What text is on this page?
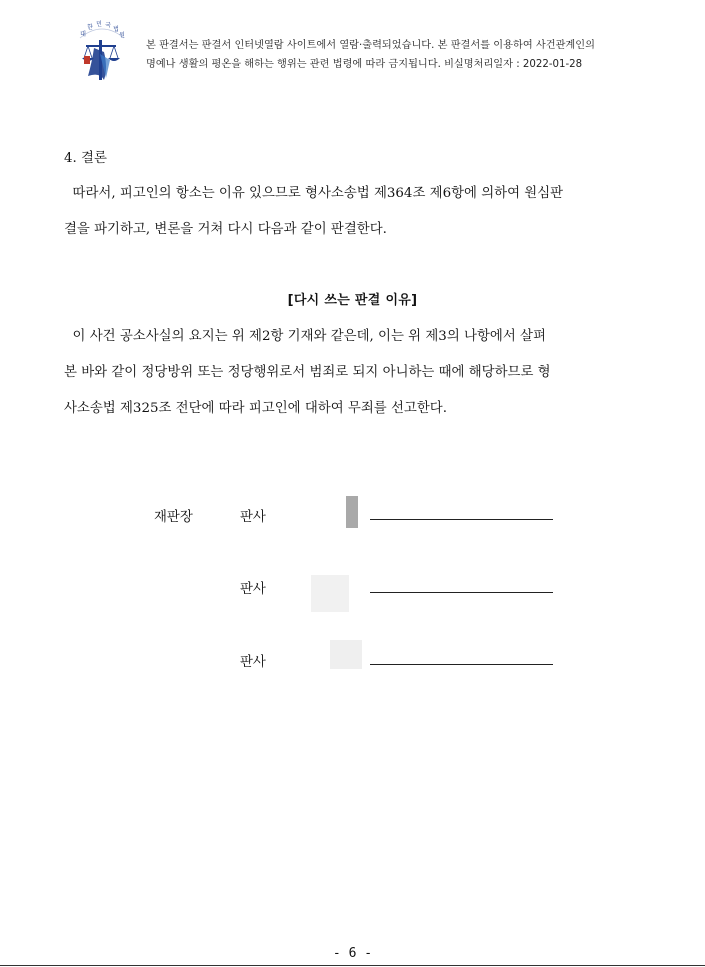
대한 민 국법원
본 판결서는 판결서 인터넷열람 사이트에서 열람·출력되었습니다. 본 판결서를 이용하여 사건관계인의
명예나 생활의 평온을 해하는 행위는 관련 법령에 따라 금지됩니다. 비실명처리일자 : 2022-01-28
4. 결론
따라서, 피고인의 항소는 이유 있으므로 형사소송법 제364조 제6항에 의하여 원심판
결을 파기하고, 변론을 거쳐 다시 다음과 같이 판결한다.
[다시 쓰는 판결 이유]
이 사건 공소사실의 요지는 위 제2항 기재와 같은데, 이는 위 제3의 나항에서 살펴
본 바와 같이 정당방위 또는 정당행위로서 범죄로 되지 아니하는 때에 해당하므로 형
사소송법 제325조 전단에 따라 피고인에 대하여 무죄를 선고한다.
재판장	판사
판사
판사
- 6 -
